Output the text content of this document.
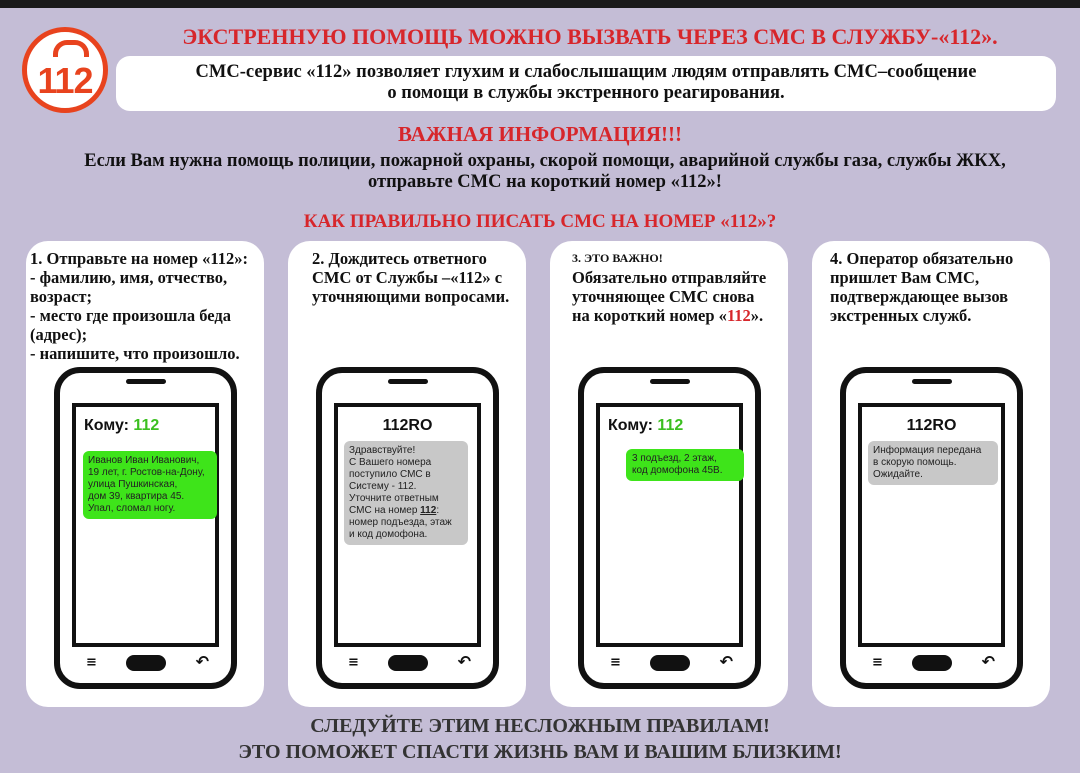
112
ЭКСТРЕННУЮ ПОМОЩЬ МОЖНО ВЫЗВАТЬ ЧЕРЕЗ СМС В СЛУЖБУ-«112».
СМС-сервис «112» позволяет глухим и слабослышащим людям отправлять СМС–сообщение
о помощи в службы экстренного реагирования.
ВАЖНАЯ ИНФОРМАЦИЯ!!!
Если Вам нужна помощь полиции, пожарной охраны, скорой помощи, аварийной службы газа, службы ЖКХ,
отправьте СМС на короткий номер «112»!
КАК ПРАВИЛЬНО ПИСАТЬ СМС НА НОМЕР «112»?
1. Отправьте на номер «112»:
- фамилию, имя, отчество,
возраст;
- место где произошла беда
(адрес);
- напишите, что произошло.
Кому: 112
Иванов Иван Иванович,
19 лет, г. Ростов-на-Дону,
улица Пушкинская,
дом 39, квартира 45.
Упал, сломал ногу.
≡	↶
2. Дождитесь ответного
СМС от Службы –«112» с
уточняющими вопросами.
112RO
Здравствуйте!
С Вашего номера
поступило СМС в
Систему - 112.
Уточните ответным
СМС на номер 112:
номер подъезда, этаж
и код домофона.
≡	↶
3. ЭТО ВАЖНО!
Обязательно отправляйте
уточняющее СМС снова
на короткий номер «112».
Кому: 112
3 подъезд, 2 этаж,
код домофона 45В.
≡	↶
4. Оператор обязательно
пришлет Вам СМС,
подтверждающее вызов
экстренных служб.
112RO
Информация передана
в скорую помощь.
Ожидайте.
≡	↶
СЛЕДУЙТЕ ЭТИМ НЕСЛОЖНЫМ ПРАВИЛАМ!
ЭТО ПОМОЖЕТ СПАСТИ ЖИЗНЬ ВАМ И ВАШИМ БЛИЗКИМ!
